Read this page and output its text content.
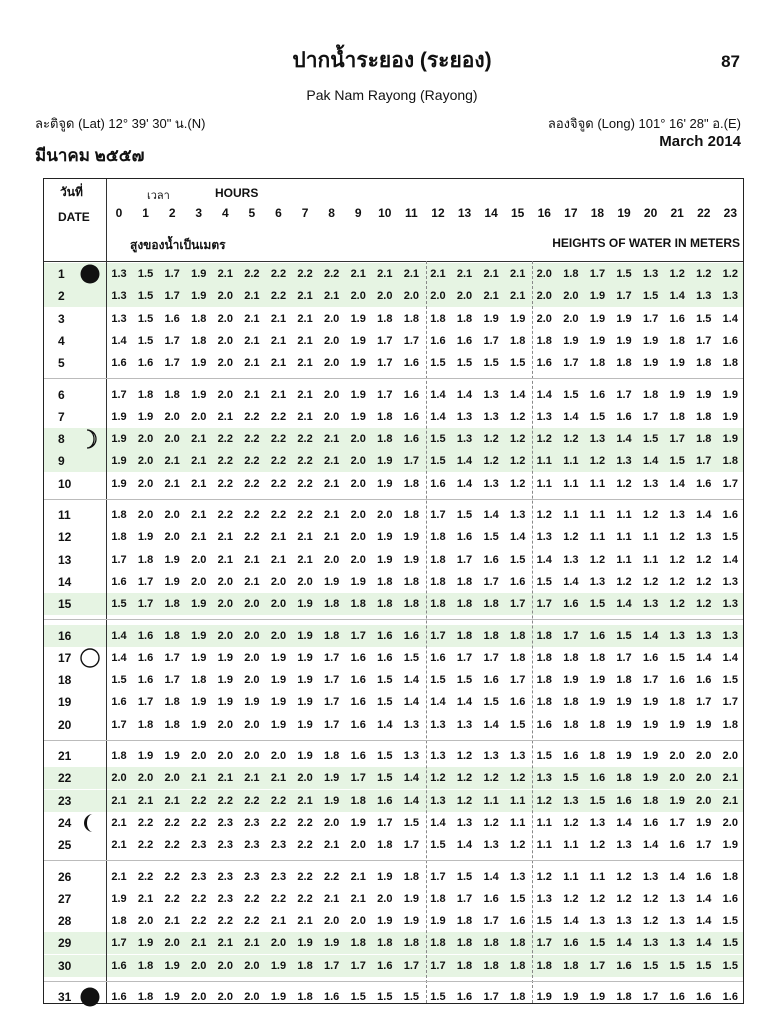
ปากน้ำระยอง (ระยอง)	87
Pak Nam Rayong (Rayong)
ละติจูด (Lat) 12° 39' 30" น.(N)	ลองจิจูด (Long) 101° 16' 28" อ.(E)
มีนาคม ๒๕๕๗
March 2014
วันที่
DATE
เวลา	HOURS
สูงของน้ำเป็นเมตร	HEIGHTS OF WATER IN METERS
0	1	2	3	4	5	6	7	8	9	10	11	12	13	14	15	16	17	18	19	20	21	22	23
1	1.3	1.5	1.7	1.9	2.1	2.2	2.2	2.2	2.2	2.1	2.1	2.1	2.1	2.1	2.1	2.1	2.0	1.8	1.7	1.5	1.3	1.2	1.2	1.2
2	1.3	1.5	1.7	1.9	2.0	2.1	2.2	2.1	2.1	2.0	2.0	2.0	2.0	2.0	2.1	2.1	2.0	2.0	1.9	1.7	1.5	1.4	1.3	1.3
3	1.3	1.5	1.6	1.8	2.0	2.1	2.1	2.1	2.0	1.9	1.8	1.8	1.8	1.8	1.9	1.9	2.0	2.0	1.9	1.9	1.7	1.6	1.5	1.4
4	1.4	1.5	1.7	1.8	2.0	2.1	2.1	2.1	2.0	1.9	1.7	1.7	1.6	1.6	1.7	1.8	1.8	1.9	1.9	1.9	1.9	1.8	1.7	1.6
5	1.6	1.6	1.7	1.9	2.0	2.1	2.1	2.1	2.0	1.9	1.7	1.6	1.5	1.5	1.5	1.5	1.6	1.7	1.8	1.8	1.9	1.9	1.8	1.8
6	1.7	1.8	1.8	1.9	2.0	2.1	2.1	2.1	2.0	1.9	1.7	1.6	1.4	1.4	1.3	1.4	1.4	1.5	1.6	1.7	1.8	1.9	1.9	1.9
7	1.9	1.9	2.0	2.0	2.1	2.2	2.2	2.1	2.0	1.9	1.8	1.6	1.4	1.3	1.3	1.2	1.3	1.4	1.5	1.6	1.7	1.8	1.8	1.9
8	1.9	2.0	2.0	2.1	2.2	2.2	2.2	2.2	2.1	2.0	1.8	1.6	1.5	1.3	1.2	1.2	1.2	1.2	1.3	1.4	1.5	1.7	1.8	1.9
9	1.9	2.0	2.1	2.1	2.2	2.2	2.2	2.2	2.1	2.0	1.9	1.7	1.5	1.4	1.2	1.2	1.1	1.1	1.2	1.3	1.4	1.5	1.7	1.8
10	1.9	2.0	2.1	2.1	2.2	2.2	2.2	2.2	2.1	2.0	1.9	1.8	1.6	1.4	1.3	1.2	1.1	1.1	1.1	1.2	1.3	1.4	1.6	1.7
11	1.8	2.0	2.0	2.1	2.2	2.2	2.2	2.2	2.1	2.0	2.0	1.8	1.7	1.5	1.4	1.3	1.2	1.1	1.1	1.1	1.2	1.3	1.4	1.6
12	1.8	1.9	2.0	2.1	2.1	2.2	2.1	2.1	2.1	2.0	1.9	1.9	1.8	1.6	1.5	1.4	1.3	1.2	1.1	1.1	1.1	1.2	1.3	1.5
13	1.7	1.8	1.9	2.0	2.1	2.1	2.1	2.1	2.0	2.0	1.9	1.9	1.8	1.7	1.6	1.5	1.4	1.3	1.2	1.1	1.1	1.2	1.2	1.4
14	1.6	1.7	1.9	2.0	2.0	2.1	2.0	2.0	1.9	1.9	1.8	1.8	1.8	1.8	1.7	1.6	1.5	1.4	1.3	1.2	1.2	1.2	1.2	1.3
15	1.5	1.7	1.8	1.9	2.0	2.0	2.0	1.9	1.8	1.8	1.8	1.8	1.8	1.8	1.8	1.7	1.7	1.6	1.5	1.4	1.3	1.2	1.2	1.3
16	1.4	1.6	1.8	1.9	2.0	2.0	2.0	1.9	1.8	1.7	1.6	1.6	1.7	1.8	1.8	1.8	1.8	1.7	1.6	1.5	1.4	1.3	1.3	1.3
17	1.4	1.6	1.7	1.9	1.9	2.0	1.9	1.9	1.7	1.6	1.6	1.5	1.6	1.7	1.7	1.8	1.8	1.8	1.8	1.7	1.6	1.5	1.4	1.4
18	1.5	1.6	1.7	1.8	1.9	2.0	1.9	1.9	1.7	1.6	1.5	1.4	1.5	1.5	1.6	1.7	1.8	1.9	1.9	1.8	1.7	1.6	1.6	1.5
19	1.6	1.7	1.8	1.9	1.9	1.9	1.9	1.9	1.7	1.6	1.5	1.4	1.4	1.4	1.5	1.6	1.8	1.8	1.9	1.9	1.9	1.8	1.7	1.7
20	1.7	1.8	1.8	1.9	2.0	2.0	1.9	1.9	1.7	1.6	1.4	1.3	1.3	1.3	1.4	1.5	1.6	1.8	1.8	1.9	1.9	1.9	1.9	1.8
21	1.8	1.9	1.9	2.0	2.0	2.0	2.0	1.9	1.8	1.6	1.5	1.3	1.3	1.2	1.3	1.3	1.5	1.6	1.8	1.9	1.9	2.0	2.0	2.0
22	2.0	2.0	2.0	2.1	2.1	2.1	2.1	2.0	1.9	1.7	1.5	1.4	1.2	1.2	1.2	1.2	1.3	1.5	1.6	1.8	1.9	2.0	2.0	2.1
23	2.1	2.1	2.1	2.2	2.2	2.2	2.2	2.1	1.9	1.8	1.6	1.4	1.3	1.2	1.1	1.1	1.2	1.3	1.5	1.6	1.8	1.9	2.0	2.1
24	2.1	2.2	2.2	2.2	2.3	2.3	2.2	2.2	2.0	1.9	1.7	1.5	1.4	1.3	1.2	1.1	1.1	1.2	1.3	1.4	1.6	1.7	1.9	2.0
25	2.1	2.2	2.2	2.3	2.3	2.3	2.3	2.2	2.1	2.0	1.8	1.7	1.5	1.4	1.3	1.2	1.1	1.1	1.2	1.3	1.4	1.6	1.7	1.9
26	2.1	2.2	2.2	2.3	2.3	2.3	2.3	2.2	2.2	2.1	1.9	1.8	1.7	1.5	1.4	1.3	1.2	1.1	1.1	1.2	1.3	1.4	1.6	1.8
27	1.9	2.1	2.2	2.2	2.3	2.2	2.2	2.2	2.1	2.1	2.0	1.9	1.8	1.7	1.6	1.5	1.3	1.2	1.2	1.2	1.2	1.3	1.4	1.6
28	1.8	2.0	2.1	2.2	2.2	2.2	2.1	2.1	2.0	2.0	1.9	1.9	1.9	1.8	1.7	1.6	1.5	1.4	1.3	1.3	1.2	1.3	1.4	1.5
29	1.7	1.9	2.0	2.1	2.1	2.1	2.0	1.9	1.9	1.8	1.8	1.8	1.8	1.8	1.8	1.8	1.7	1.6	1.5	1.4	1.3	1.3	1.4	1.5
30	1.6	1.8	1.9	2.0	2.0	2.0	1.9	1.8	1.7	1.7	1.6	1.7	1.7	1.8	1.8	1.8	1.8	1.8	1.7	1.6	1.5	1.5	1.5	1.5
31	1.6	1.8	1.9	2.0	2.0	2.0	1.9	1.8	1.6	1.5	1.5	1.5	1.5	1.6	1.7	1.8	1.9	1.9	1.9	1.8	1.7	1.6	1.6	1.6
